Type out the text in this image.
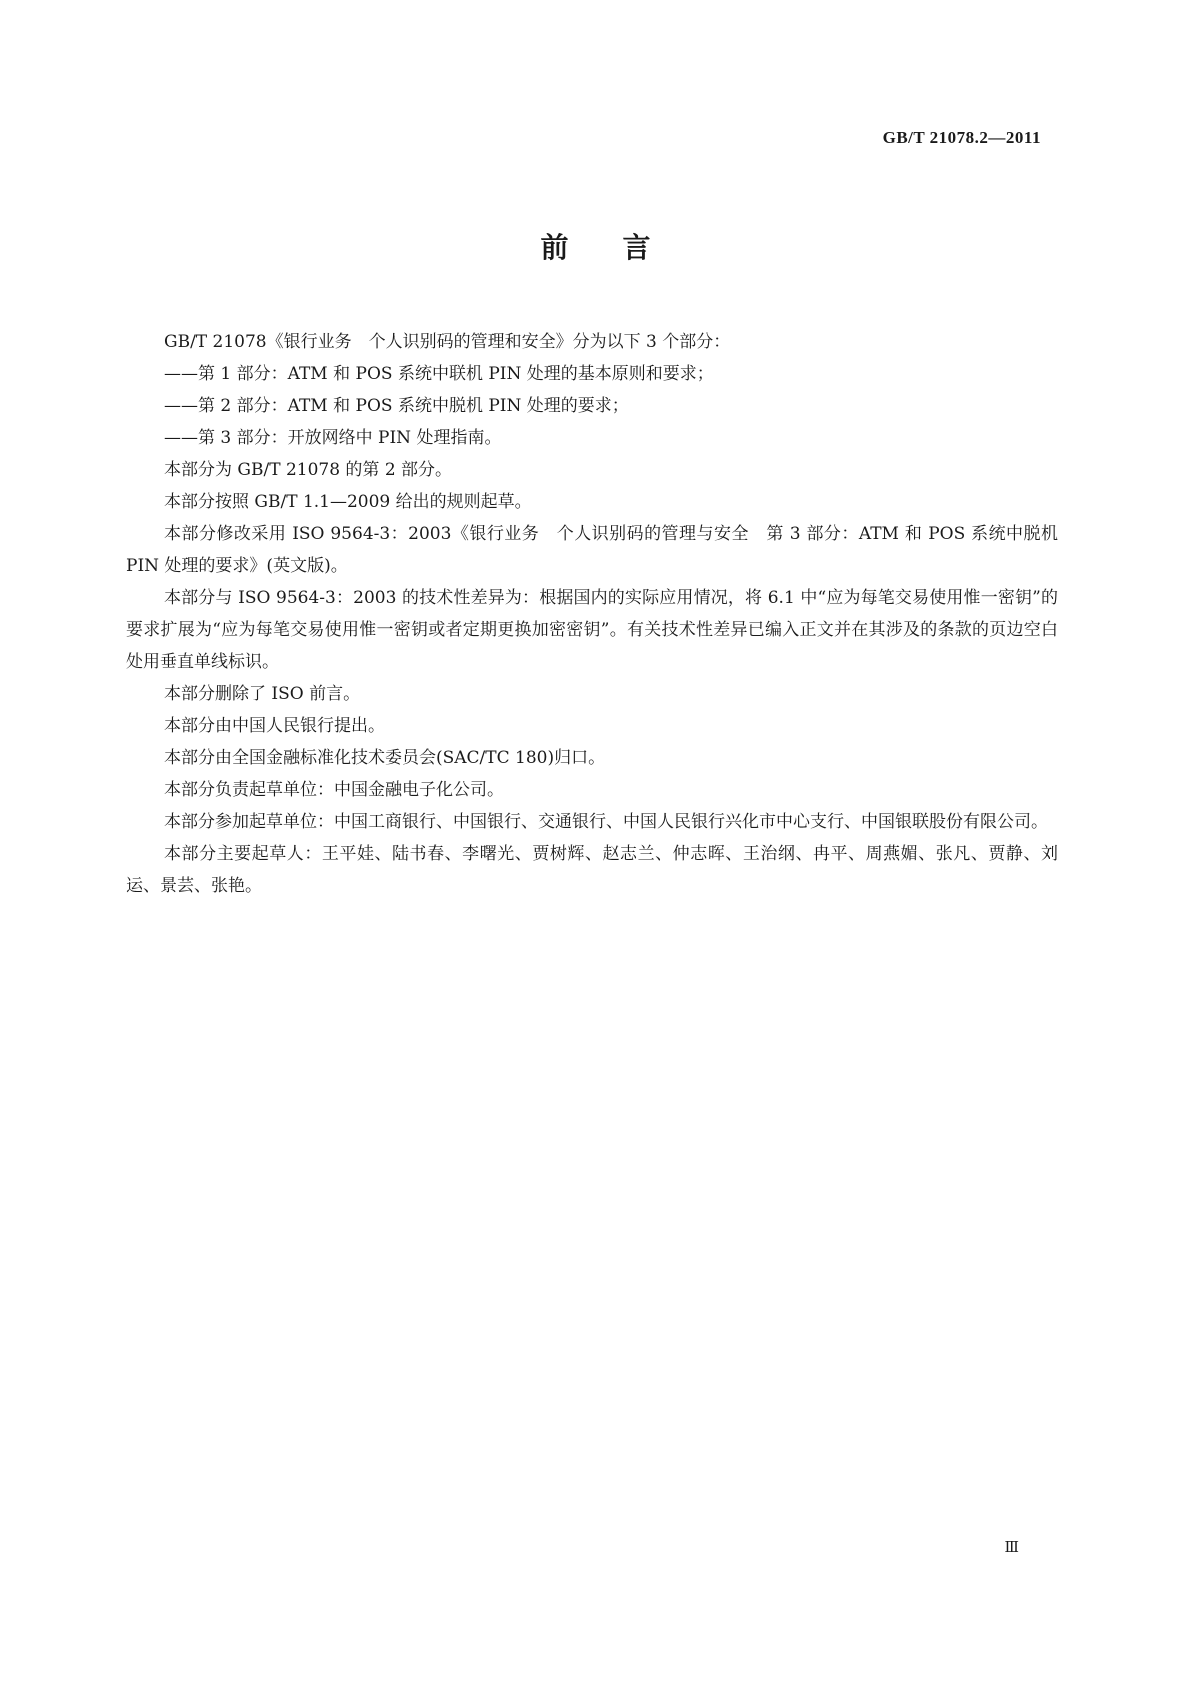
GB/T 21078.2—2011
前言

GB/T 21078《银行业务　个人识别码的管理和安全》分为以下 3 个部分：

——第 1 部分：ATM 和 POS 系统中联机 PIN 处理的基本原则和要求；

——第 2 部分：ATM 和 POS 系统中脱机 PIN 处理的要求；

——第 3 部分：开放网络中 PIN 处理指南。

本部分为 GB/T 21078 的第 2 部分。

本部分按照 GB/T 1.1—2009 给出的规则起草。

本部分修改采用 ISO 9564-3：2003《银行业务　个人识别码的管理与安全　第 3 部分：ATM 和 POS 系统中脱机 PIN 处理的要求》(英文版)。

本部分与 ISO 9564-3：2003 的技术性差异为：根据国内的实际应用情况，将 6.1 中“应为每笔交易使用惟一密钥”的要求扩展为“应为每笔交易使用惟一密钥或者定期更换加密密钥”。有关技术性差异已编入正文并在其涉及的条款的页边空白处用垂直单线标识。

本部分删除了 ISO 前言。

本部分由中国人民银行提出。

本部分由全国金融标准化技术委员会(SAC/TC 180)归口。

本部分负责起草单位：中国金融电子化公司。

本部分参加起草单位：中国工商银行、中国银行、交通银行、中国人民银行兴化市中心支行、中国银联股份有限公司。

本部分主要起草人：王平娃、陆书春、李曙光、贾树辉、赵志兰、仲志晖、王治纲、冉平、周燕媚、张凡、贾静、刘运、景芸、张艳。

Ⅲ
